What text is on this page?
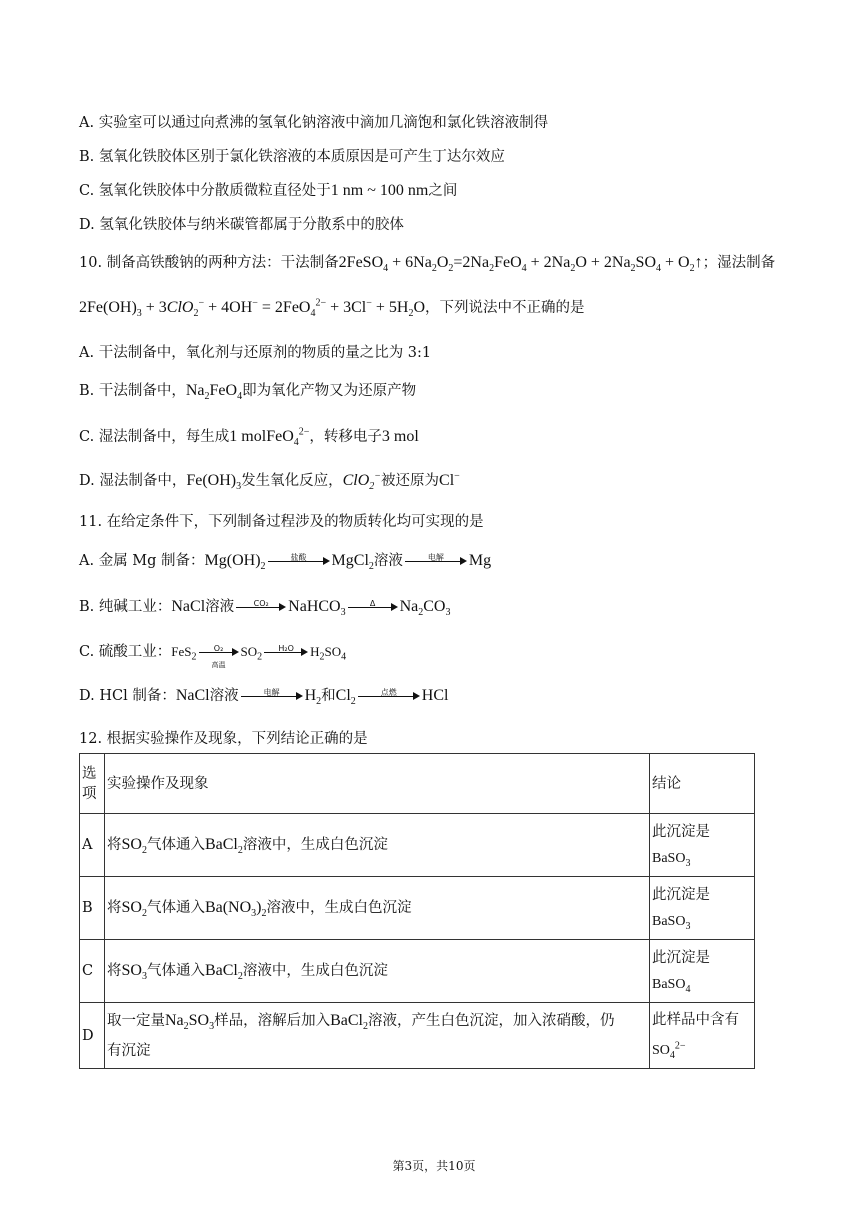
A. 实验室可以通过向煮沸的氢氧化钠溶液中滴加几滴饱和氯化铁溶液制得
B. 氢氧化铁胶体区别于氯化铁溶液的本质原因是可产生丁达尔效应
C. 氢氧化铁胶体中分散质微粒直径处于1 nm ~ 100 nm之间
D. 氢氧化铁胶体与纳米碳管都属于分散系中的胶体
10. 制备高铁酸钠的两种方法：干法制备2FeSO$_4$ + $6Na_2O_2=2Na_2FeO_4 + 2Na_2O + 2Na_2SO_4$ + $O_2↑$；湿法制备
$2Fe(OH)_3 + 3ClO_2^- + 4OH^- = 2FeO_4^{2-} + 3Cl^- + 5H_2O$，下列说法中不正确的是
A. 干法制备中，氧化剂与还原剂的物质的量之比为 3:1
B. 干法制备中，$Na_2FeO_4$即为氧化产物又为还原产物
C. 湿法制备中，每生成1 molFeO$_4^{2-}$，转移电子3 mol
D. 湿法制备中，$Fe(OH)_3$发生氧化反应，ClO$_2$−被还原为Cl−
11. 在给定条件下，下列制备过程涉及的物质转化均可实现的是
A. 金属 Mg 制备：$Mg(OH)_2$
盐酸	MgCl$_2$溶液	电解	Mg
B. 纯碱工业：NaCl溶液	CO₂	NaHCO$_3$
Δ	$Na_2CO_3$
C. 硫酸工业：FeS$_2$
O₂
高温
$SO_2$
H₂O	$H_2SO_4$
D. HCl 制备：NaCl溶液	电解	$H_2$和$Cl_2$
点燃	HCl
12. 根据实验操作及现象，下列结论正确的是
选
项	实验操作及现象	结论
A	将$SO_2$气体通入BaCl$_2$溶液中，生成白色沉淀	此沉淀是
BaSO$_3$
B	将$SO_2$气体通入$Ba(NO_3)_2$溶液中，生成白色沉淀	此沉淀是
BaSO$_3$
C	将$SO_3$气体通入BaCl$_2$溶液中，生成白色沉淀	此沉淀是
BaSO$_4$
D	取一定量$Na_2SO_3$样品，溶解后加入BaCl$_2$溶液，产生白色沉淀，加入浓硝酸，仍
有沉淀	此样品中含有
$SO_4^{2-}$
第3页，共10页
